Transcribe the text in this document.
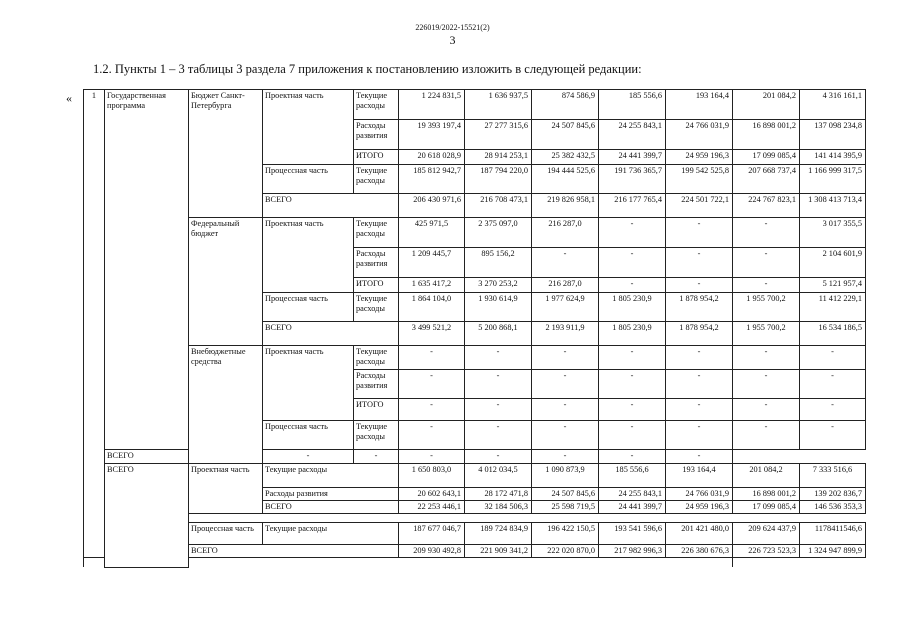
226019/2022-15521(2)
3
1.2. Пункты 1 – 3 таблицы 3 раздела 7 приложения к постановлению изложить в следующей редакции:
« 1	Государственная программа	Бюджет Санкт-Петербурга	Проектная часть	Текущие расходы	1 224 831,5	1 636 937,5	874 586,9	185 556,6	193 164,4	201 084,2	4 316 161,1
				Расходы развития	19 393 197,4	27 277 315,6	24 507 845,6	24 255 843,1	24 766 031,9	16 898 001,2	137 098 234,8
				ИТОГО	20 618 028,9	28 914 253,1	25 382 432,5	24 441 399,7	24 959 196,3	17 099 085,4	141 414 395,9
			Процессная часть	Текущие расходы	185 812 942,7	187 794 220,0	194 444 525,6	191 736 365,7	199 542 525,8	207 668 737,4	1 166 999 317,5
			ВСЕГО		206 430 971,6	216 708 473,1	219 826 958,1	216 177 765,4	224 501 722,1	224 767 823,1	1 308 413 713,4
		Федеральный бюджет	Проектная часть	Текущие расходы	425 971,5	2 375 097,0	216 287,0	-	-	-	3 017 355,5
				Расходы развития	1 209 445,7	895 156,2	-	-	-	-	2 104 601,9
				ИТОГО	1 635 417,2	3 270 253,2	216 287,0	-	-	-	5 121 957,4
			Процессная часть	Текущие расходы	1 864 104,0	1 930 614,9	1 977 624,9	1 805 230,9	1 878 954,2	1 955 700,2	11 412 229,1
			ВСЕГО		3 499 521,2	5 200 868,1	2 193 911,9	1 805 230,9	1 878 954,2	1 955 700,2	16 534 186,5
		Внебюджетные средства	Проектная часть	Текущие расходы	-	-	-	-	-	-	-
				Расходы развития	-	-	-	-	-	-	-
				ИТОГО	-	-	-	-	-	-	-
			Процессная часть	Текущие расходы	-	-	-	-	-	-	-
	ВСЕГО		-	-	-	-	-	-	-		
	ВСЕГО	Проектная часть	Текущие расходы		1 650 803,0	4 012 034,5	1 090 873,9	185 556,6	193 164,4	201 084,2	7 333 516,6
			Расходы развития		20 602 643,1	28 172 471,8	24 507 845,6	24 255 843,1	24 766 031,9	16 898 001,2	139 202 836,7
			ВСЕГО		22 253 446,1	32 184 506,3	25 598 719,5	24 441 399,7	24 959 196,3	17 099 085,4	146 536 353,3

		Процессная часть	Текущие расходы		187 677 046,7	189 724 834,9	196 422 150,5	193 541 596,6	201 421 480,0	209 624 437,9	1178411546,6
		ВСЕГО			209 930 492,8	221 909 341,2	222 020 870,0	217 982 996,3	226 380 676,3	226 723 523,3	1 324 947 899,9
